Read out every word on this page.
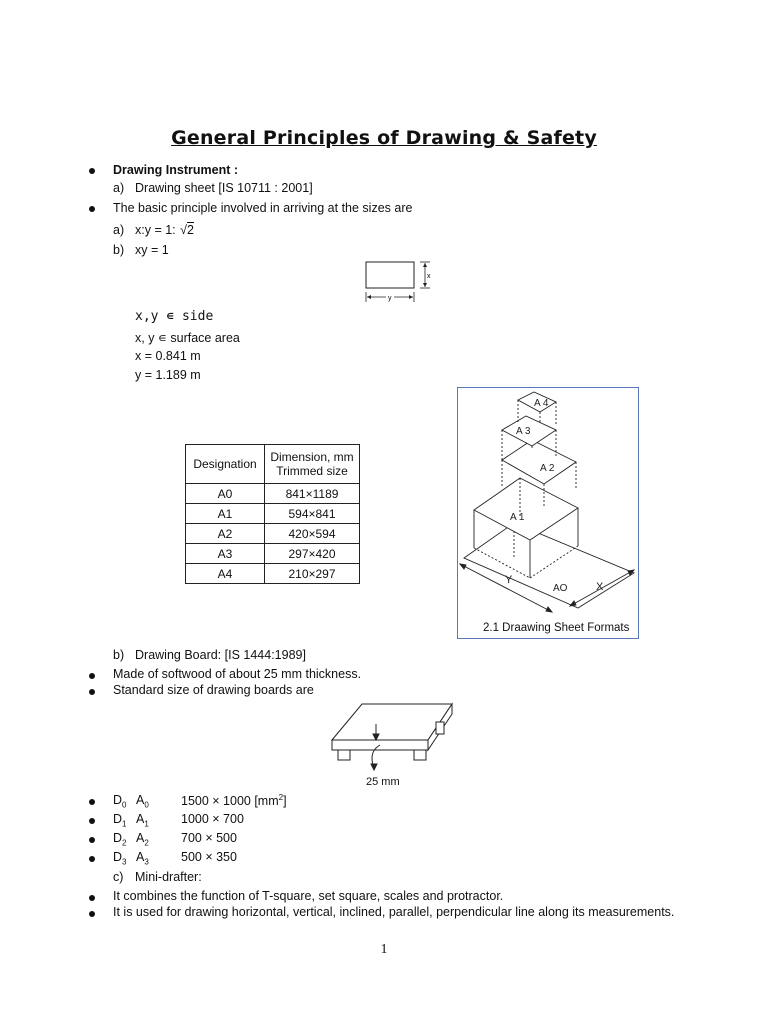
General Principles of Drawing & Safety
Drawing Instrument :
a) Drawing sheet [IS 10711 : 2001]
The basic principle involved in arriving at the sizes are
a) x:y = 1: √2
b) xy = 1
x
y
x,y ∊ side
x, y ∊ surface area
x = 0.841 m
y = 1.189 m
Designation	Dimension, mm
Trimmed size

A0	841×1189
A1	594×841
A2	420×594
A3	297×420
A4	210×297
A 4
A 3
A 2
A 1
AO
Y
X
2.1 Draawing Sheet Formats
b) Drawing Board: [IS 1444:1989]
Made of softwood of about 25 mm thickness.
Standard size of drawing boards are
25 mm
$D_0$ $A_0$	1500 × 1000 $[mm^2]$
$D_1$ $A_1$	1000 × 700
$D_2$ $A_2$	700 × 500
$D_3$ $A_3$	500 × 350
c) Mini-drafter:
It combines the function of T-square, set square, scales and protractor.
It is used for drawing horizontal, vertical, inclined, parallel, perpendicular line along its measurements.
1
